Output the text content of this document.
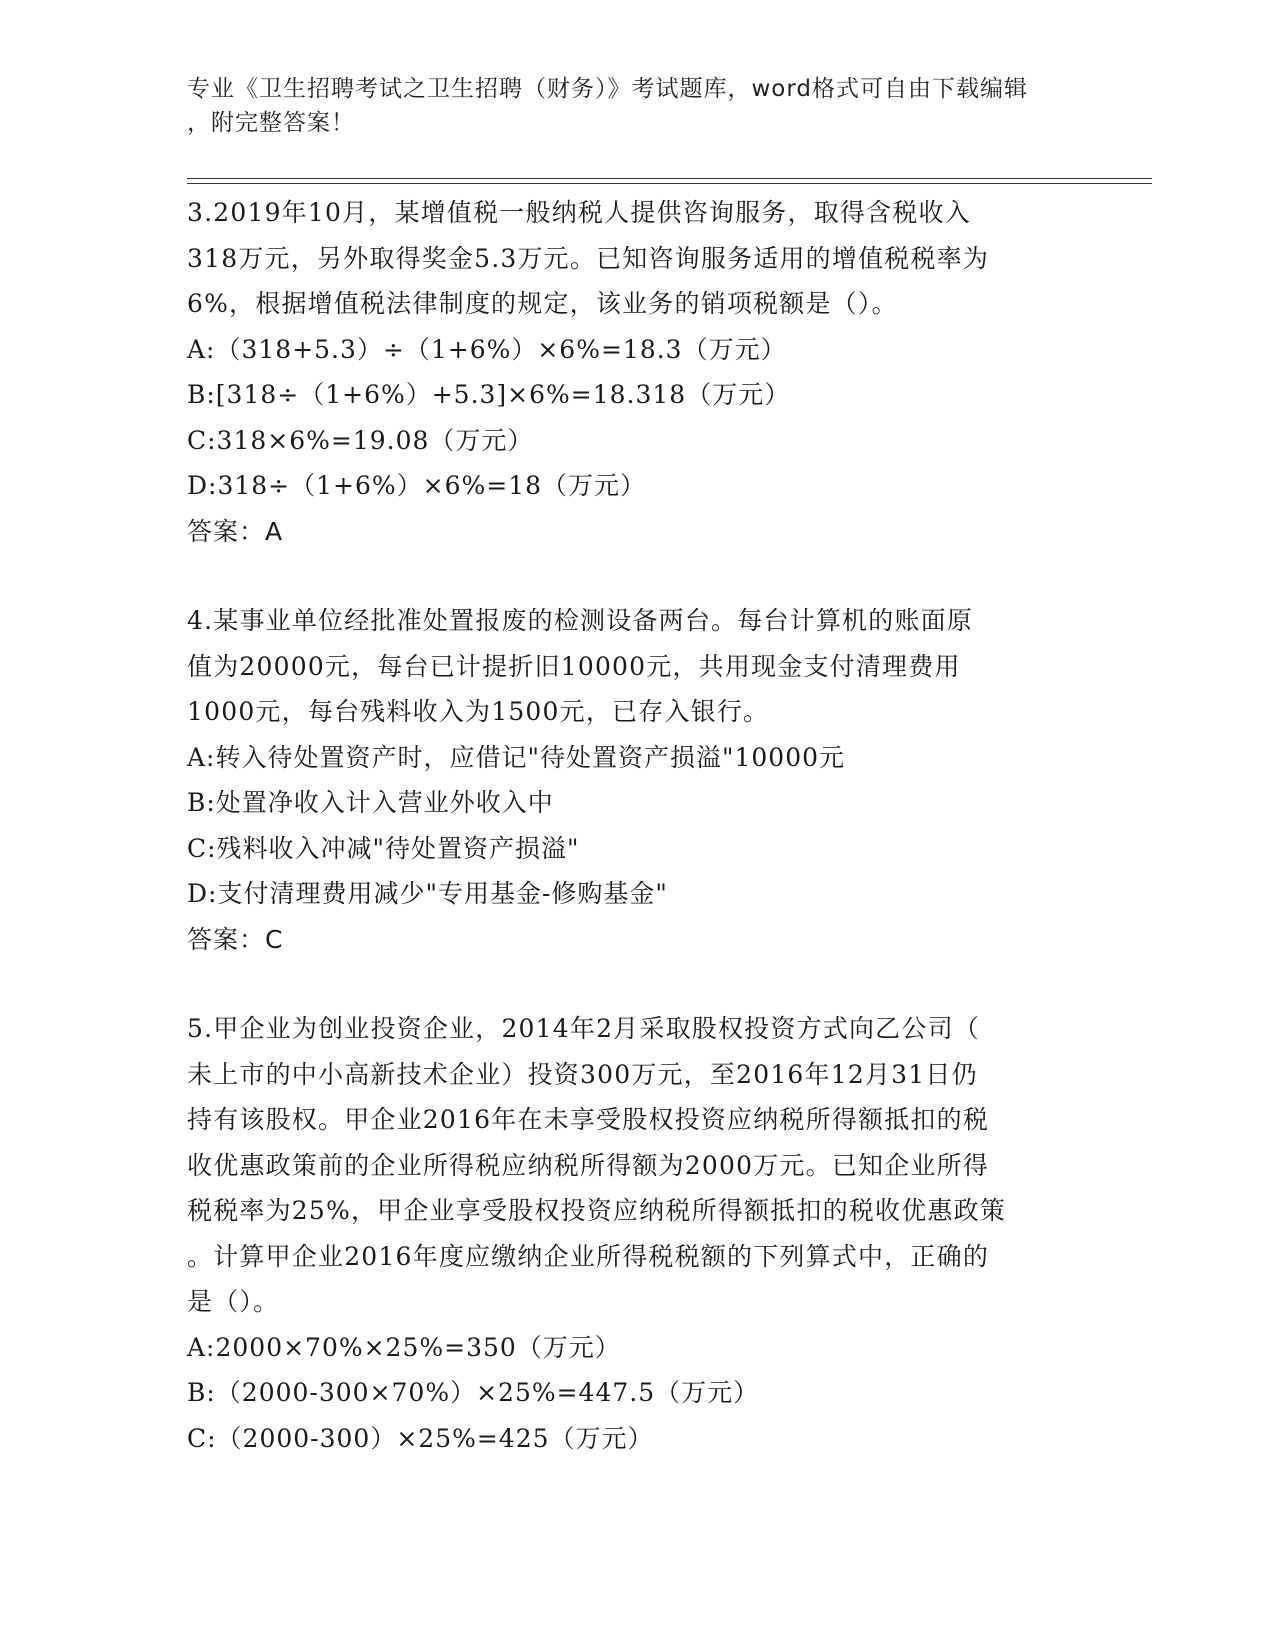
专业《卫生招聘考试之卫生招聘（财务）》考试题库，word格式可自由下载编辑
，附完整答案！

3.2019年10月，某增值税一般纳税人提供咨询服务，取得含税收入

318万元，另外取得奖金5.3万元。已知咨询服务适用的增值税税率为

6%，根据增值税法律制度的规定，该业务的销项税额是（）。

A:（318+5.3）÷（1+6%）×6%=18.3（万元）

B:[318÷（1+6%）+5.3]×6%=18.318（万元）

C:318×6%=19.08（万元）

D:318÷（1+6%）×6%=18（万元）

答案：A

4.某事业单位经批准处置报废的检测设备两台。每台计算机的账面原

值为20000元，每台已计提折旧10000元，共用现金支付清理费用

1000元，每台残料收入为1500元，已存入银行。

A:转入待处置资产时，应借记"待处置资产损溢"10000元

B:处置净收入计入营业外收入中

C:残料收入冲减"待处置资产损溢"

D:支付清理费用减少"专用基金-修购基金"

答案：C

5.甲企业为创业投资企业，2014年2月采取股权投资方式向乙公司（

未上市的中小高新技术企业）投资300万元，至2016年12月31日仍

持有该股权。甲企业2016年在未享受股权投资应纳税所得额抵扣的税

收优惠政策前的企业所得税应纳税所得额为2000万元。已知企业所得

税税率为25%，甲企业享受股权投资应纳税所得额抵扣的税收优惠政策

。计算甲企业2016年度应缴纳企业所得税税额的下列算式中，正确的

是（）。

A:2000×70%×25%=350（万元）

B:（2000-300×70%）×25%=447.5（万元）

C:（2000-300）×25%=425（万元）
